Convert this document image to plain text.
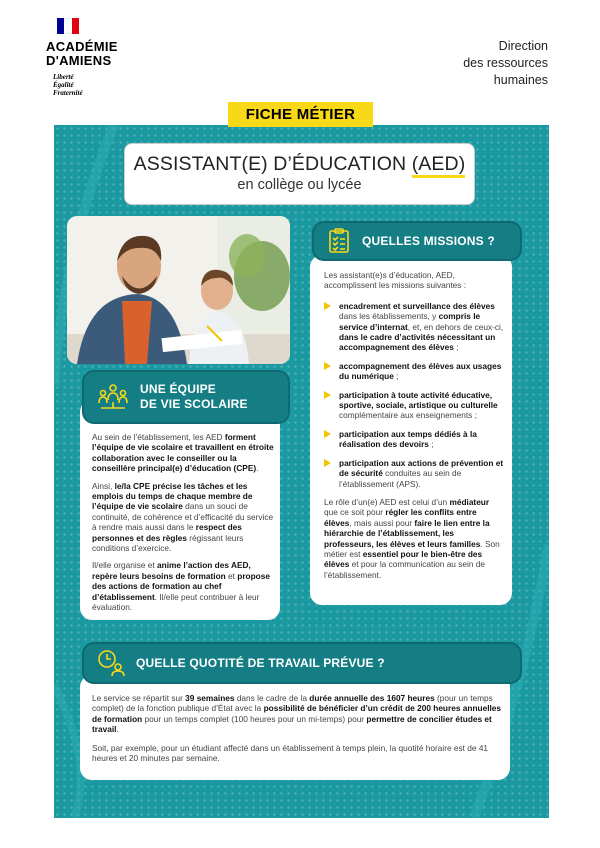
ACADÉMIE
D'AMIENS
Liberté
Égalité
Fraternité
Direction
des ressources
humaines
FICHE MÉTIER
ASSISTANT(E) D’ÉDUCATION (AED)
en collège ou lycée
UNE ÉQUIPE
DE VIE SCOLAIRE

Au sein de l’établissement, les AED forment l’équipe de vie scolaire et travaillent en étroite collaboration avec le conseiller ou la conseillère principal(e) d’éducation (CPE).

Ainsi, le/la CPE précise les tâches et les emplois du temps de chaque membre de l’équipe de vie scolaire dans un souci de continuité, de cohérence et d’efficacité du service à rendre mais aussi dans le respect des personnes et des règles régissant leurs conditions d’exercice.

Il/elle organise et anime l’action des AED, repère leurs besoins de formation et propose des actions de formation au chef d’établissement. Il/elle peut contribuer à leur évaluation.

QUELLES MISSIONS ?

Les assistant(e)s d’éducation, AED, accomplissent les missions suivantes :

encadrement et surveillance des élèves dans les établissements, y compris le service d’internat, et, en dehors de ceux-ci, dans le cadre d’activités nécessitant un accompagnement des élèves ;
accompagnement des élèves aux usages du numérique ;
participation à toute activité éducative, sportive, sociale, artistique ou culturelle complémentaire aux enseignements ;
participation aux temps dédiés à la réalisation des devoirs ;
participation aux actions de prévention et de sécurité conduites au sein de l’établissement (APS).

Le rôle d’un(e) AED est celui d’un médiateur que ce soit pour régler les conflits entre élèves, mais aussi pour faire le lien entre la hiérarchie de l’établissement, les professeurs, les élèves et leurs familles. Son métier est essentiel pour le bien-être des élèves et pour la communication au sein de l’établissement.

QUELLE QUOTITÉ DE TRAVAIL PRÉVUE ?

Le service se répartit sur 39 semaines dans le cadre de la durée annuelle des 1607 heures (pour un temps complet) de la fonction publique d’État avec la possibilité de bénéficier d’un crédit de 200 heures annuelles de formation pour un temps complet (100 heures pour un mi-temps) pour permettre de concilier études et travail.

Soit, par exemple, pour un étudiant affecté dans un établissement à temps plein, la quotité horaire est de 41 heures et 20 minutes par semaine.
